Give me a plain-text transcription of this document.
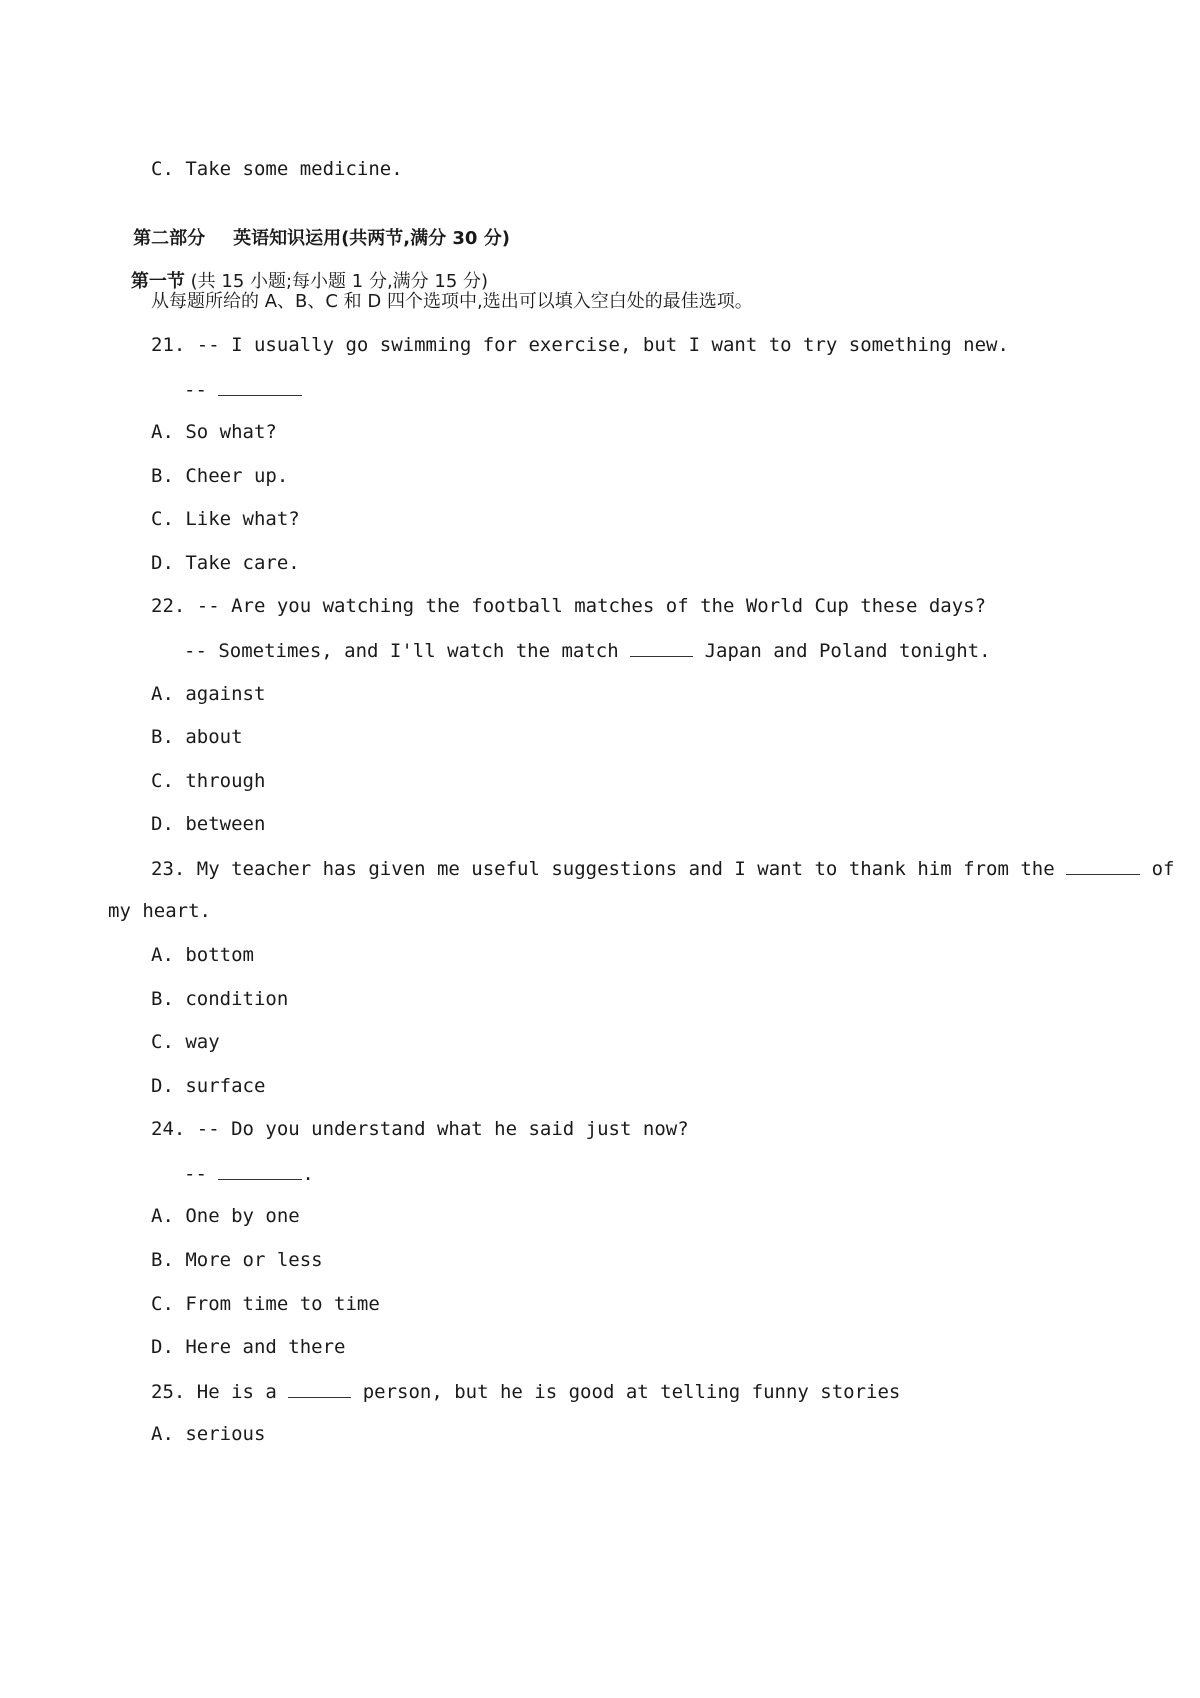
C. Take some medicine.

第二部分 英语知识运用(共两节,满分 30 分)

第一节 (共 15 小题;每小题 1 分,满分 15 分)

从每题所给的 A、B、C 和 D 四个选项中,选出可以填入空白处的最佳选项。
21. -- I usually go swimming for exercise, but I want to try something new.
--
A. So what?
B. Cheer up.
C. Like what?
D. Take care.
22. -- Are you watching the football matches of the World Cup these days?
-- Sometimes, and I'll watch the match	Japan and Poland tonight.
A. against
B. about
C. through
D. between
23. My teacher has given me useful suggestions and I want to thank him from the	of
my heart.
A. bottom
B. condition
C. way
D. surface
24. -- Do you understand what he said just now?
--	.
A. One by one
B. More or less
C. From time to time
D. Here and there
25. He is a	person, but he is good at telling funny stories
A. serious
